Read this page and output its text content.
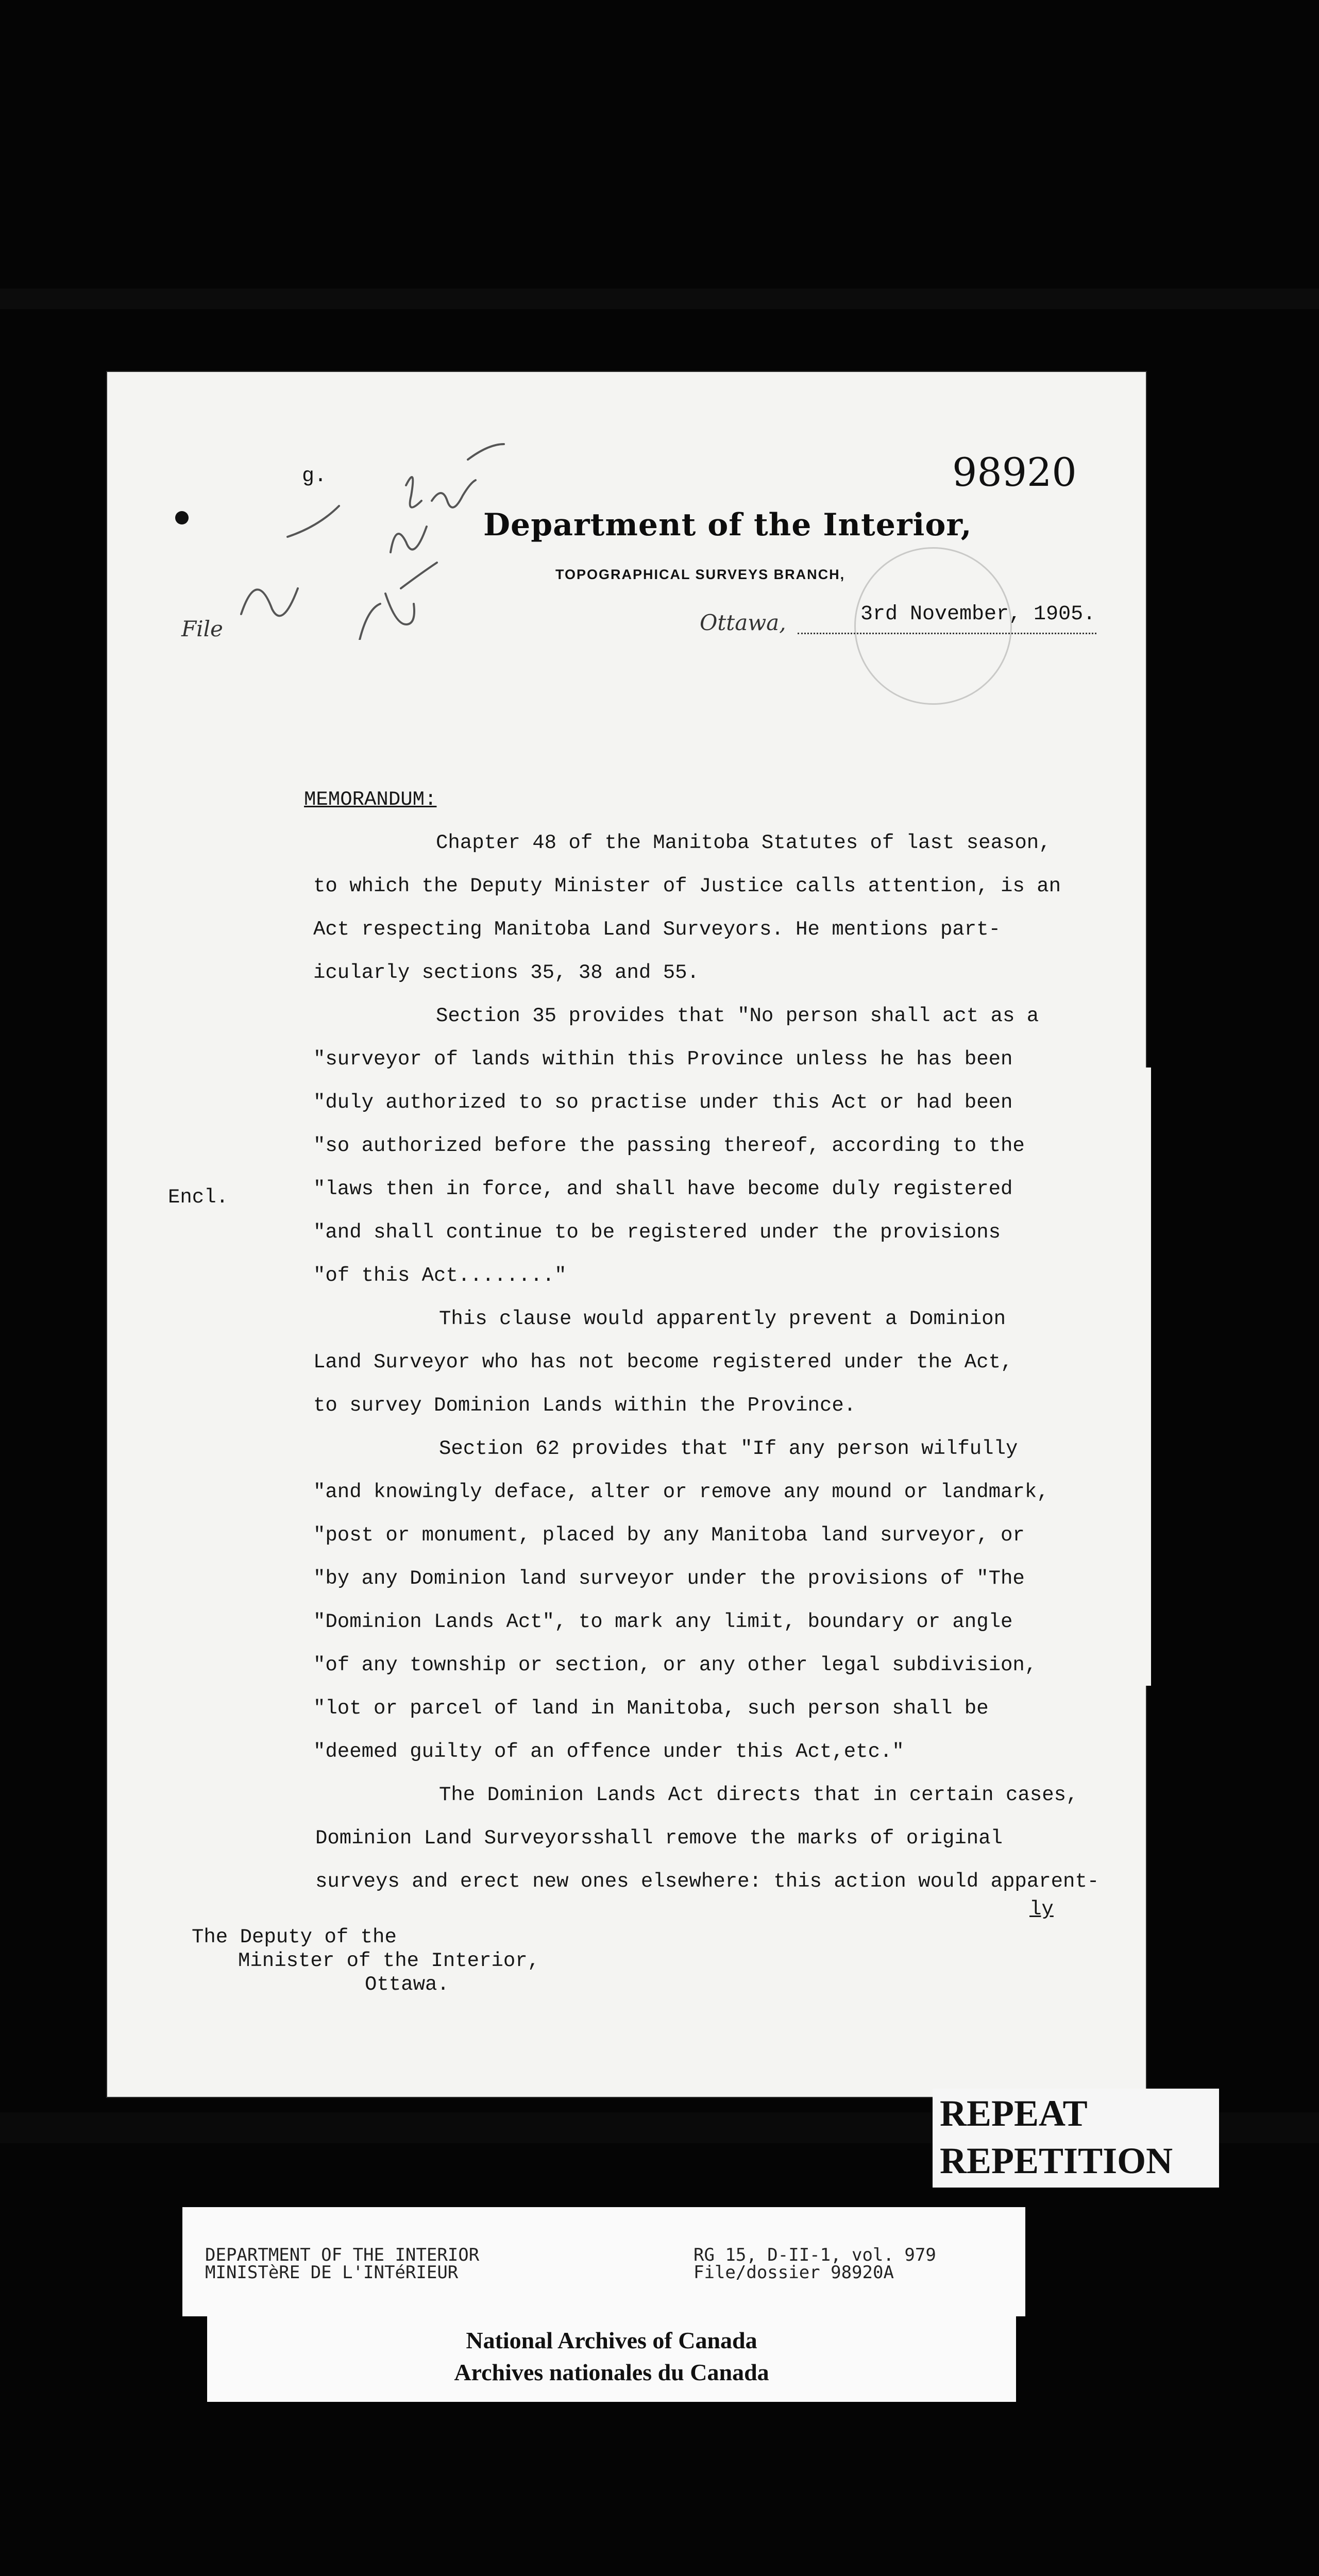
g.	98920
Department of the Interior,
TOPOGRAPHICAL SURVEYS BRANCH,
File	Ottawa,	3rd November, 1905.
MEMORANDUM:
Chapter 48 of the Manitoba Statutes of last season,
to which the Deputy Minister of Justice calls attention, is an
Act respecting Manitoba Land Surveyors. He mentions part-
icularly sections 35, 38 and 55.
Section 35 provides that "No person shall act as a
"surveyor of lands within this Province unless he has been
"duly authorized to so practise under this Act or had been
"so authorized before the passing thereof, according to the
"laws then in force, and shall have become duly registered
"and shall continue to be registered under the provisions
"of this Act........"
This clause would apparently prevent a Dominion
Land Surveyor who has not become registered under the Act,
to survey Dominion Lands within the Province.
Section 62 provides that "If any person wilfully
"and knowingly deface, alter or remove any mound or landmark,
"post or monument, placed by any Manitoba land surveyor, or
"by any Dominion land surveyor under the provisions of "The
"Dominion Lands Act", to mark any limit, boundary or angle
"of any township or section, or any other legal subdivision,
"lot or parcel of land in Manitoba, such person shall be
"deemed guilty of an offence under this Act,etc."
The Dominion Lands Act directs that in certain cases,
Dominion Land Surveyorsshall remove the marks of original
surveys and erect new ones elsewhere: this action would apparent-
ly
The Deputy of the
Minister of the Interior,
Ottawa.
Encl.
REPEAT
REPETITION
DEPARTMENT OF THE INTERIOR
MINISTèRE DE L'INTéRIEUR
RG 15, D-II-1, vol. 979
File/dossier 98920A
National Archives of Canada
Archives nationales du Canada
